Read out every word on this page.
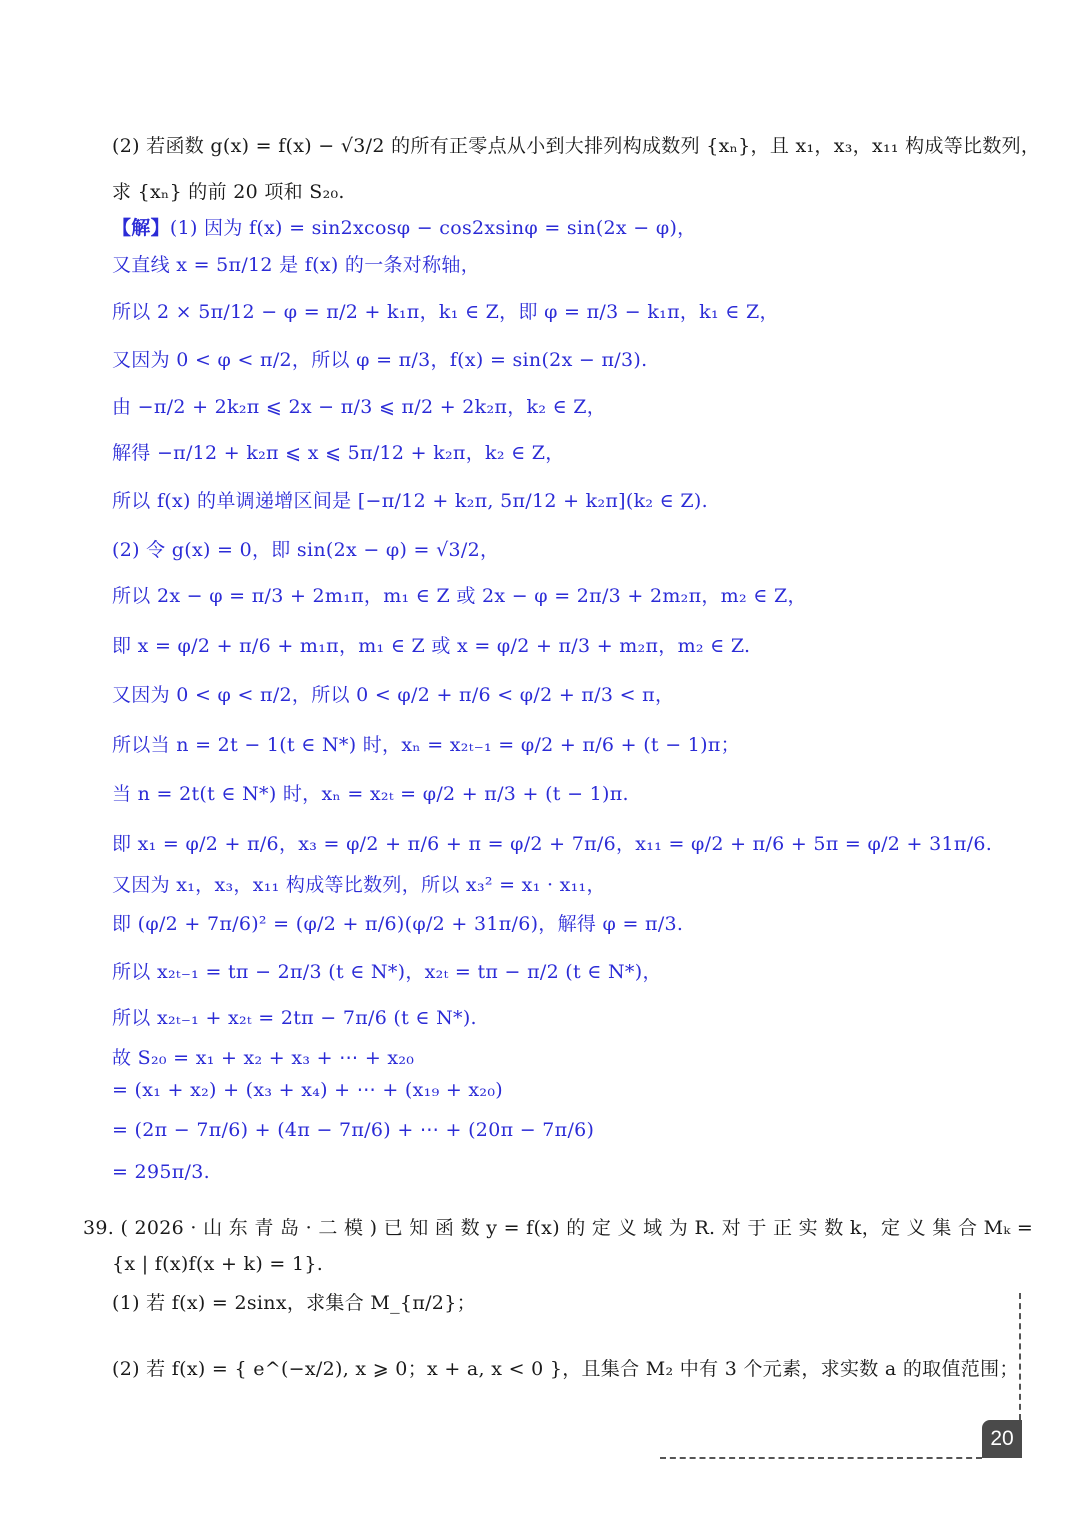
(2) 若函数 g(x) = f(x) − √3/2 的所有正零点从小到大排列构成数列 {xₙ}，且 x₁，x₃，x₁₁ 构成等比数列，
求 {xₙ} 的前 20 项和 S₂₀.
【解】(1) 因为 f(x) = sin2xcosφ − cos2xsinφ = sin(2x − φ)，
又直线 x = 5π/12 是 f(x) 的一条对称轴，
所以 2 × 5π/12 − φ = π/2 + k₁π，k₁ ∈ Z，即 φ = π/3 − k₁π，k₁ ∈ Z，
又因为 0 < φ < π/2，所以 φ = π/3，f(x) = sin(2x − π/3).
由 −π/2 + 2k₂π ⩽ 2x − π/3 ⩽ π/2 + 2k₂π，k₂ ∈ Z，
解得 −π/12 + k₂π ⩽ x ⩽ 5π/12 + k₂π，k₂ ∈ Z，
所以 f(x) 的单调递增区间是 [−π/12 + k₂π, 5π/12 + k₂π](k₂ ∈ Z).
(2) 令 g(x) = 0，即 sin(2x − φ) = √3/2，
所以 2x − φ = π/3 + 2m₁π，m₁ ∈ Z 或 2x − φ = 2π/3 + 2m₂π，m₂ ∈ Z，
即 x = φ/2 + π/6 + m₁π，m₁ ∈ Z 或 x = φ/2 + π/3 + m₂π，m₂ ∈ Z.
又因为 0 < φ < π/2，所以 0 < φ/2 + π/6 < φ/2 + π/3 < π，
所以当 n = 2t − 1(t ∈ N*) 时，xₙ = x₂ₜ₋₁ = φ/2 + π/6 + (t − 1)π；
当 n = 2t(t ∈ N*) 时，xₙ = x₂ₜ = φ/2 + π/3 + (t − 1)π.
即 x₁ = φ/2 + π/6，x₃ = φ/2 + π/6 + π = φ/2 + 7π/6，x₁₁ = φ/2 + π/6 + 5π = φ/2 + 31π/6.
又因为 x₁，x₃，x₁₁ 构成等比数列，所以 x₃² = x₁ · x₁₁，
即 (φ/2 + 7π/6)² = (φ/2 + π/6)(φ/2 + 31π/6)，解得 φ = π/3.
所以 x₂ₜ₋₁ = tπ − 2π/3 (t ∈ N*)，x₂ₜ = tπ − π/2 (t ∈ N*)，
所以 x₂ₜ₋₁ + x₂ₜ = 2tπ − 7π/6 (t ∈ N*).
故 S₂₀ = x₁ + x₂ + x₃ + ⋯ + x₂₀
= (x₁ + x₂) + (x₃ + x₄) + ⋯ + (x₁₉ + x₂₀)
= (2π − 7π/6) + (4π − 7π/6) + ⋯ + (20π − 7π/6)
= 295π/3.
39. ( 2026 · 山 东 青 岛 · 二 模 ) 已 知 函 数 y = f(x) 的 定 义 域 为 R. 对 于 正 实 数 k，定 义 集 合 Mₖ =
{x | f(x)f(x + k) = 1}.
(1) 若 f(x) = 2sinx，求集合 M_{π/2}；
(2) 若 f(x) = { e^(−x/2), x ⩾ 0；x + a, x < 0 }，且集合 M₂ 中有 3 个元素，求实数 a 的取值范围；
20
